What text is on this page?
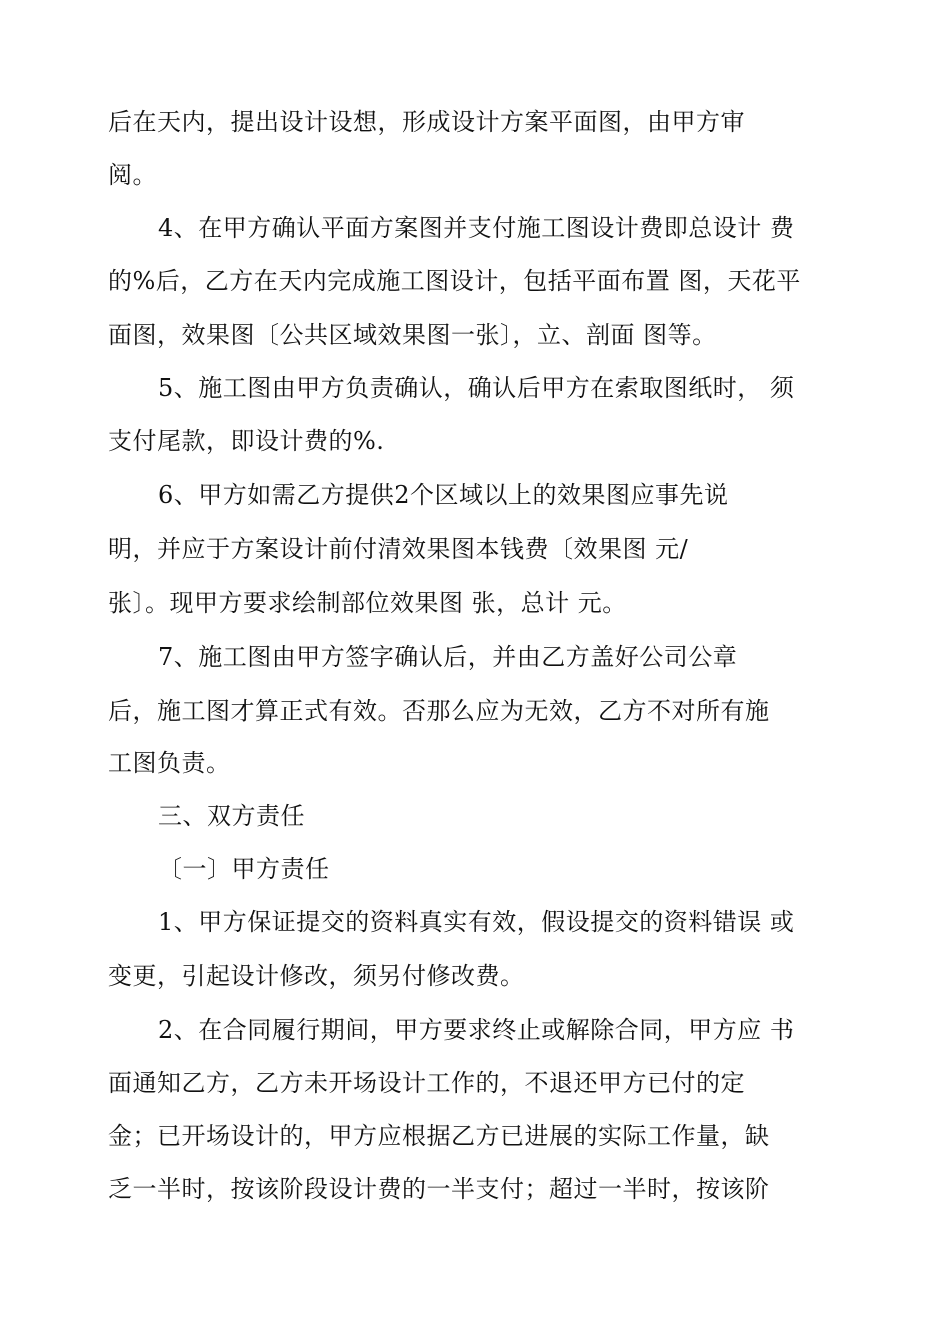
后在天内，提出设计设想，形成设计方案平面图，由甲方审
阅。
4、在甲方确认平面方案图并支付施工图设计费即总设计 费
的%后，乙方在天内完成施工图设计，包括平面布置 图，天花平
面图，效果图〔公共区域效果图一张〕，立、剖面 图等。
5、施工图由甲方负责确认，确认后甲方在索取图纸时， 须
支付尾款，即设计费的%.
6、甲方如需乙方提供2个区域以上的效果图应事先说
明，并应于方案设计前付清效果图本钱费〔效果图 元/
张〕。现甲方要求绘制部位效果图 张，总计 元。
7、施工图由甲方签字确认后，并由乙方盖好公司公章
后，施工图才算正式有效。否那么应为无效，乙方不对所有施
工图负责。
三、双方责任
〔一〕甲方责任
1、甲方保证提交的资料真实有效，假设提交的资料错误 或
变更，引起设计修改，须另付修改费。
2、在合同履行期间，甲方要求终止或解除合同，甲方应 书
面通知乙方，乙方未开场设计工作的，不退还甲方已付的定
金；已开场设计的，甲方应根据乙方已进展的实际工作量，缺
乏一半时，按该阶段设计费的一半支付；超过一半时，按该阶
